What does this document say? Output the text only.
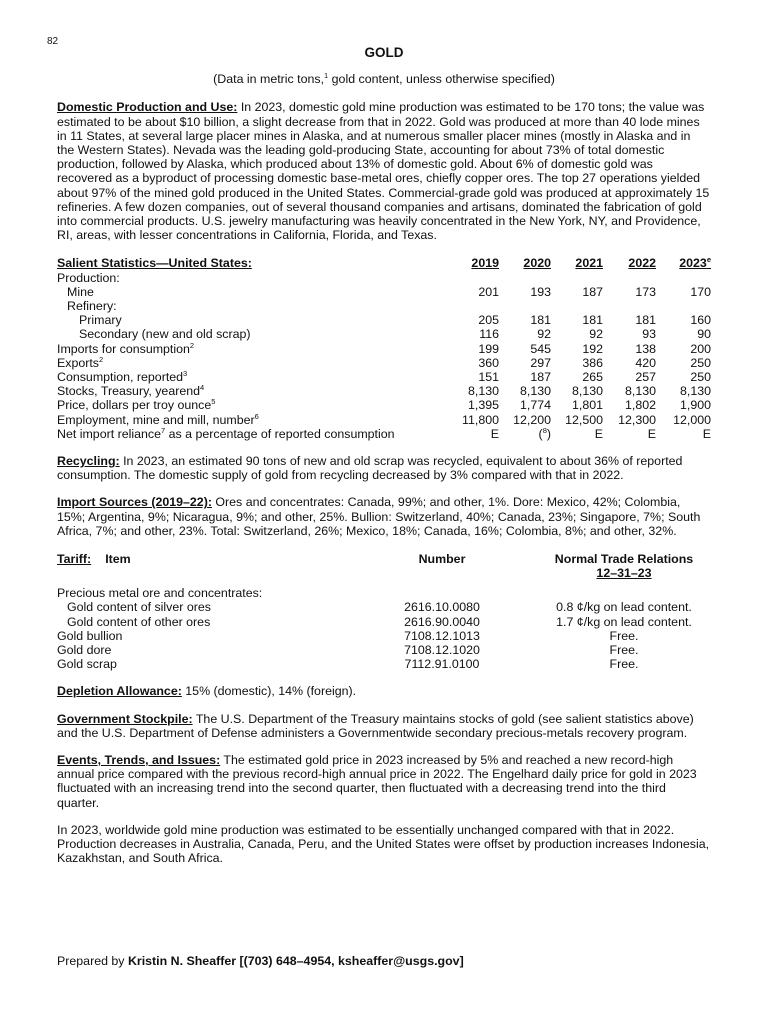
82
GOLD
(Data in metric tons,$^1$ gold content, unless otherwise specified)
Domestic Production and Use: In 2023, domestic gold mine production was estimated to be 170 tons; the value was estimated to be about $10 billion, a slight decrease from that in 2022. Gold was produced at more than 40 lode mines in 11 States, at several large placer mines in Alaska, and at numerous smaller placer mines (mostly in Alaska and in the Western States). Nevada was the leading gold-producing State, accounting for about 73% of total domestic production, followed by Alaska, which produced about 13% of domestic gold. About 6% of domestic gold was recovered as a byproduct of processing domestic base-metal ores, chiefly copper ores. The top 27 operations yielded about 97% of the mined gold produced in the United States. Commercial-grade gold was produced at approximately 15 refineries. A few dozen companies, out of several thousand companies and artisans, dominated the fabrication of gold into commercial products. U.S. jewelry manufacturing was heavily concentrated in the New York, NY, and Providence, RI, areas, with lesser concentrations in California, Florida, and Texas.
Salient Statistics—United States:	2019	2020	2021	2022	2023e
Production:					
Mine	201	193	187	173	170
Refinery:					
Primary	205	181	181	181	160
Secondary (new and old scrap)	116	92	92	93	90
Imports for consumption$^2$	199	545	192	138	200
Exports$^2$	360	297	386	420	250
Consumption, reported$^3$	151	187	265	257	250
Stocks, Treasury, yearend$^4$	8,130	8,130	8,130	8,130	8,130
Price, dollars per troy ounce$^5$	1,395	1,774	1,801	1,802	1,900
Employment, mine and mill, number$^6$	11,800	12,200	12,500	12,300	12,000
Net import reliance$^7$ as a percentage of reported consumption	E	($^8$)	E	E	E
Recycling: In 2023, an estimated 90 tons of new and old scrap was recycled, equivalent to about 36% of reported consumption. The domestic supply of gold from recycling decreased by 3% compared with that in 2022.
Import Sources (2019–22): Ores and concentrates: Canada, 99%; and other, 1%. Dore: Mexico, 42%; Colombia, 15%; Argentina, 9%; Nicaragua, 9%; and other, 25%. Bullion: Switzerland, 40%; Canada, 23%; Singapore, 7%; South Africa, 7%; and other, 23%. Total: Switzerland, 26%; Mexico, 18%; Canada, 16%; Colombia, 8%; and other, 32%.
Tariff: Item	Number	Normal Trade Relations
12–31–23

Precious metal ore and concentrates:		
Gold content of silver ores	2616.10.0080	0.8 ¢/kg on lead content.
Gold content of other ores	2616.90.0040	1.7 ¢/kg on lead content.
Gold bullion	7108.12.1013	Free.
Gold dore	7108.12.1020	Free.
Gold scrap	7112.91.0100	Free.
Depletion Allowance: 15% (domestic), 14% (foreign).
Government Stockpile: The U.S. Department of the Treasury maintains stocks of gold (see salient statistics above) and the U.S. Department of Defense administers a Governmentwide secondary precious-metals recovery program.
Events, Trends, and Issues: The estimated gold price in 2023 increased by 5% and reached a new record-high annual price compared with the previous record-high annual price in 2022. The Engelhard daily price for gold in 2023 fluctuated with an increasing trend into the second quarter, then fluctuated with a decreasing trend into the third quarter.
In 2023, worldwide gold mine production was estimated to be essentially unchanged compared with that in 2022. Production decreases in Australia, Canada, Peru, and the United States were offset by production increases Indonesia, Kazakhstan, and South Africa.
Prepared by Kristin N. Sheaffer [(703) 648–4954, ksheaffer@usgs.gov]
